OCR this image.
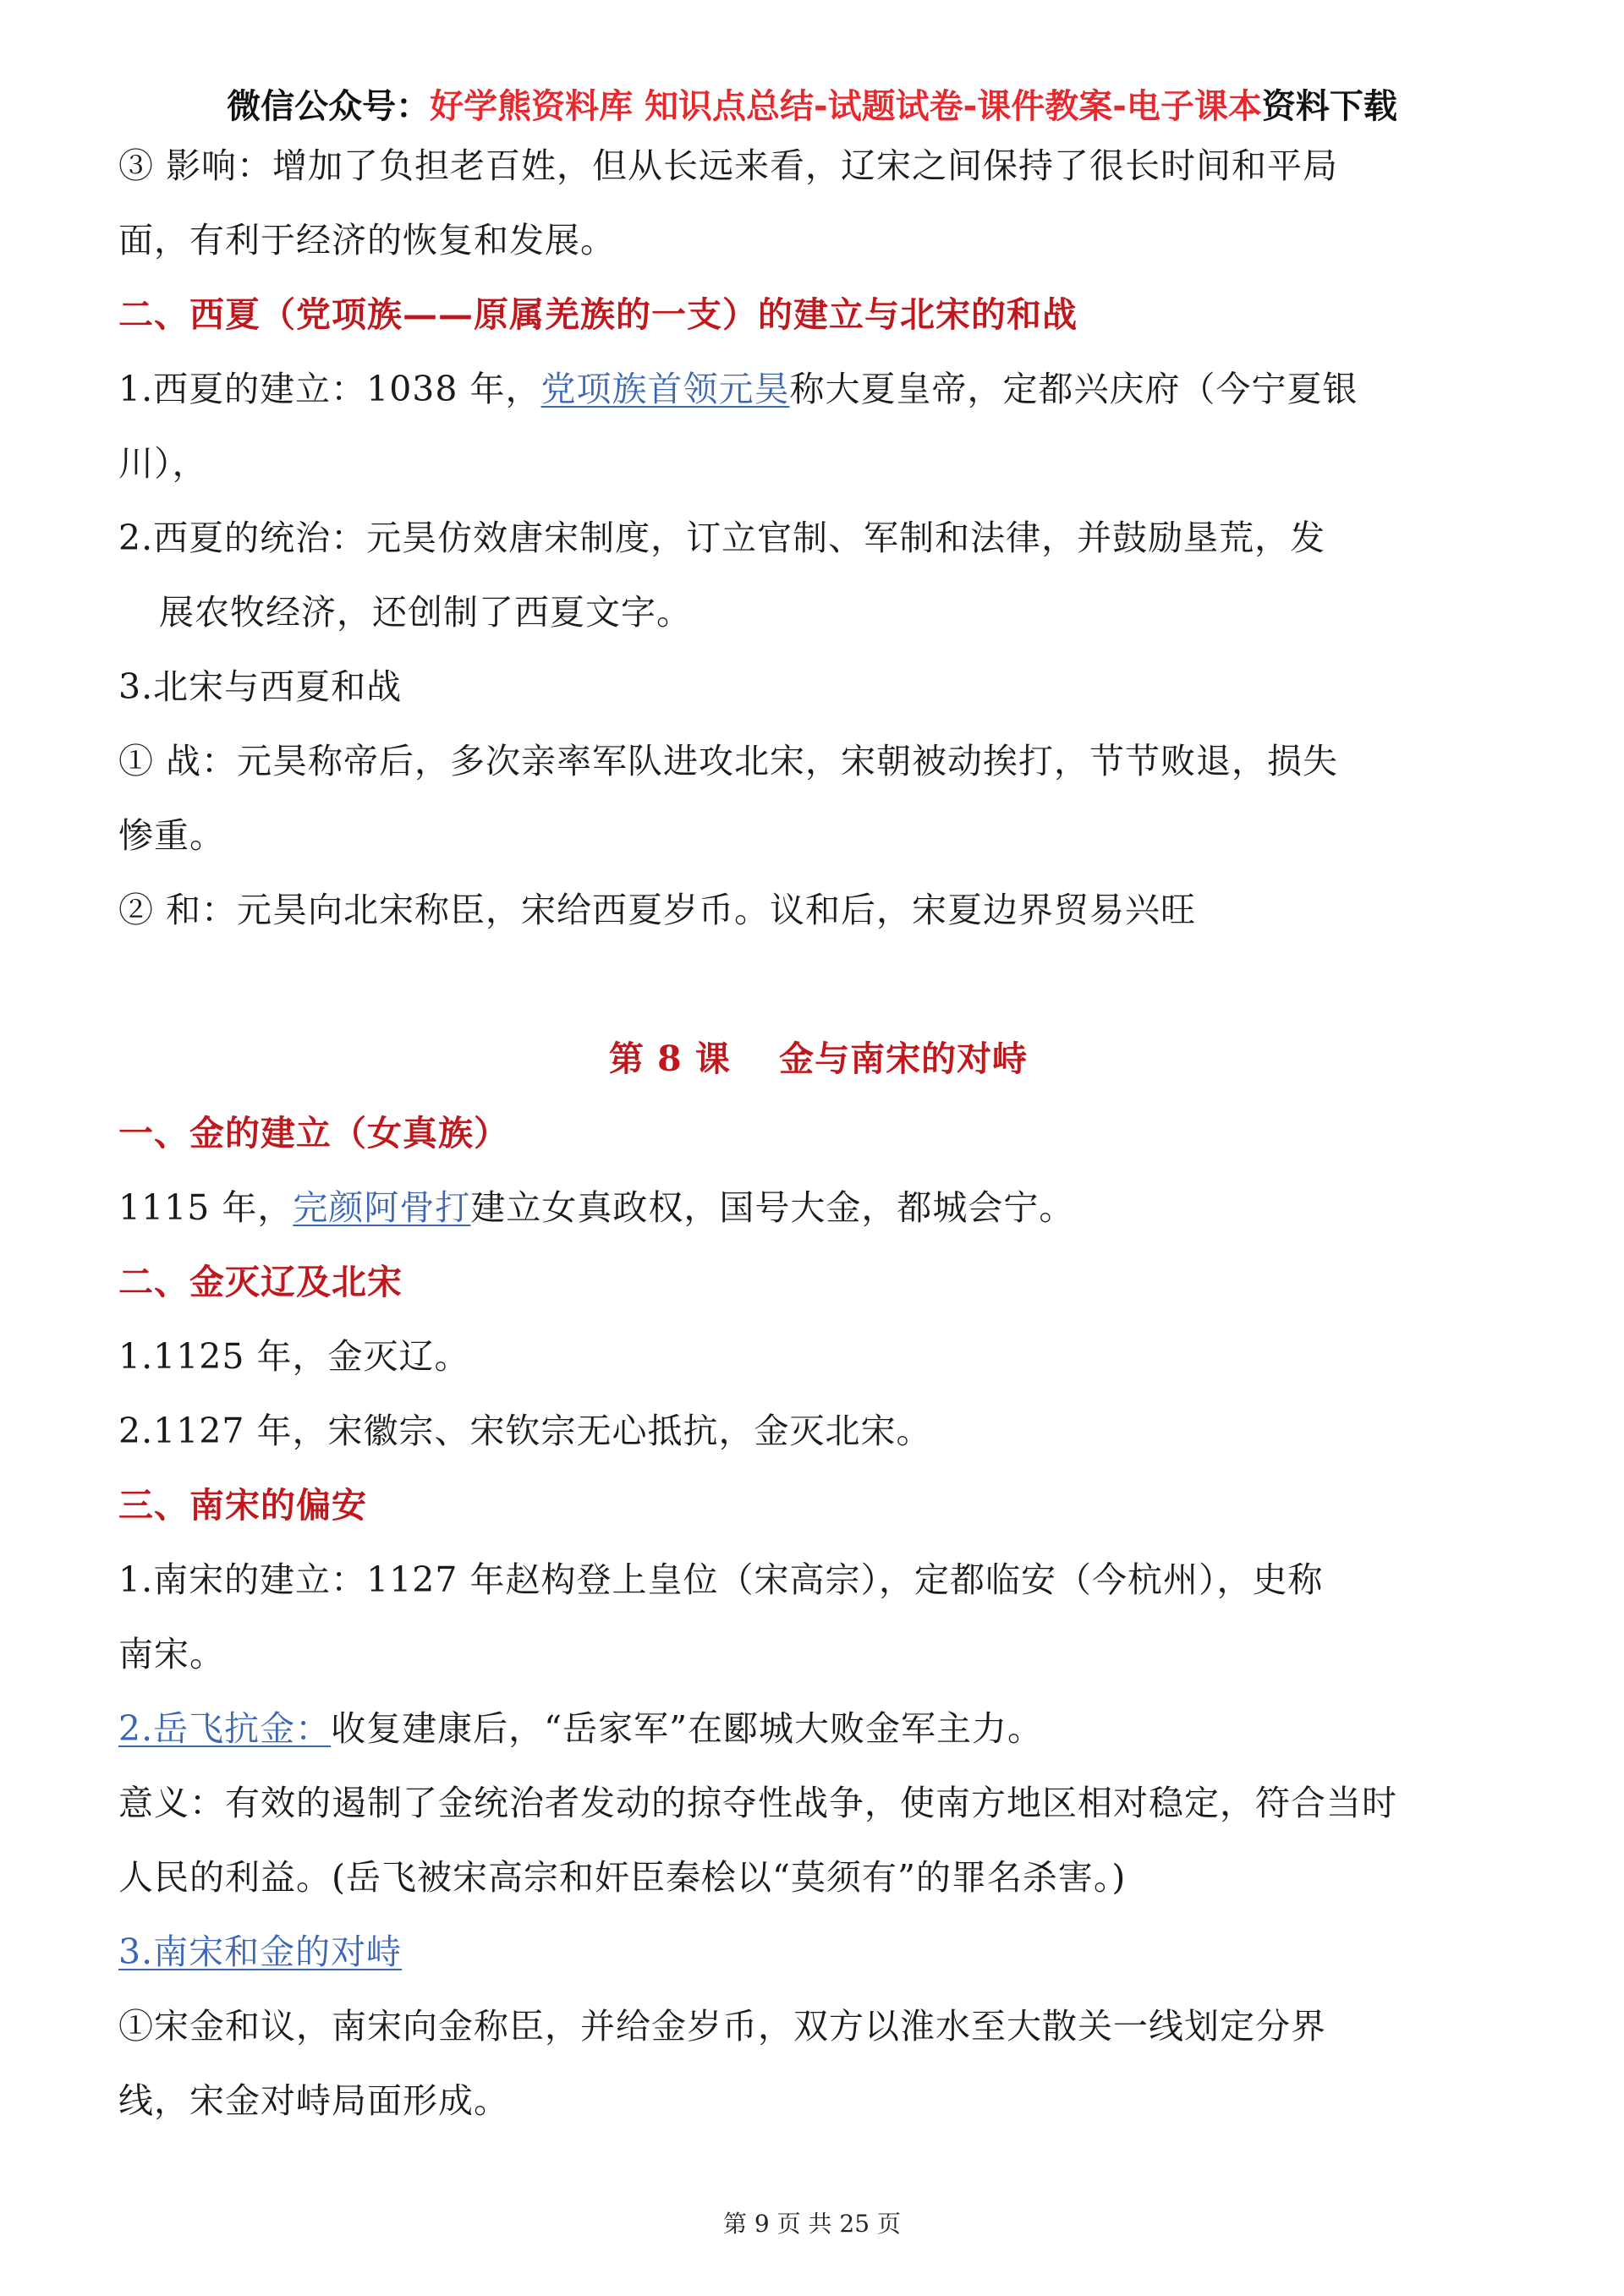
微信公众号：好学熊资料库 知识点总结-试题试卷-课件教案-电子课本资料下载
③ 影响：增加了负担老百姓，但从长远来看，辽宋之间保持了很长时间和平局
面，有利于经济的恢复和发展。
二、西夏（党项族——原属羌族的一支）的建立与北宋的和战
1.西夏的建立：1038 年，党项族首领元昊称大夏皇帝，定都兴庆府（今宁夏银
川），
2.西夏的统治：元昊仿效唐宋制度，订立官制、军制和法律，并鼓励垦荒，发
展农牧经济，还创制了西夏文字。
3.北宋与西夏和战
① 战：元昊称帝后，多次亲率军队进攻北宋，宋朝被动挨打，节节败退，损失
惨重。
② 和：元昊向北宋称臣，宋给西夏岁币。议和后，宋夏边界贸易兴旺
第 8 课　 金与南宋的对峙
一、金的建立（女真族）
1115 年，完颜阿骨打建立女真政权，国号大金，都城会宁。
二、金灭辽及北宋
1.1125 年，金灭辽。
2.1127 年，宋徽宗、宋钦宗无心抵抗，金灭北宋。
三、南宋的偏安
1.南宋的建立：1127 年赵构登上皇位（宋高宗），定都临安（今杭州），史称
南宋。
2.岳飞抗金：收复建康后，“岳家军”在郾城大败金军主力。
意义：有效的遏制了金统治者发动的掠夺性战争，使南方地区相对稳定，符合当时
人民的利益。(岳飞被宋高宗和奸臣秦桧以“莫须有”的罪名杀害。)
3.南宋和金的对峙
①宋金和议，南宋向金称臣，并给金岁币，双方以淮水至大散关一线划定分界
线，宋金对峙局面形成。
第 9 页 共 25 页
